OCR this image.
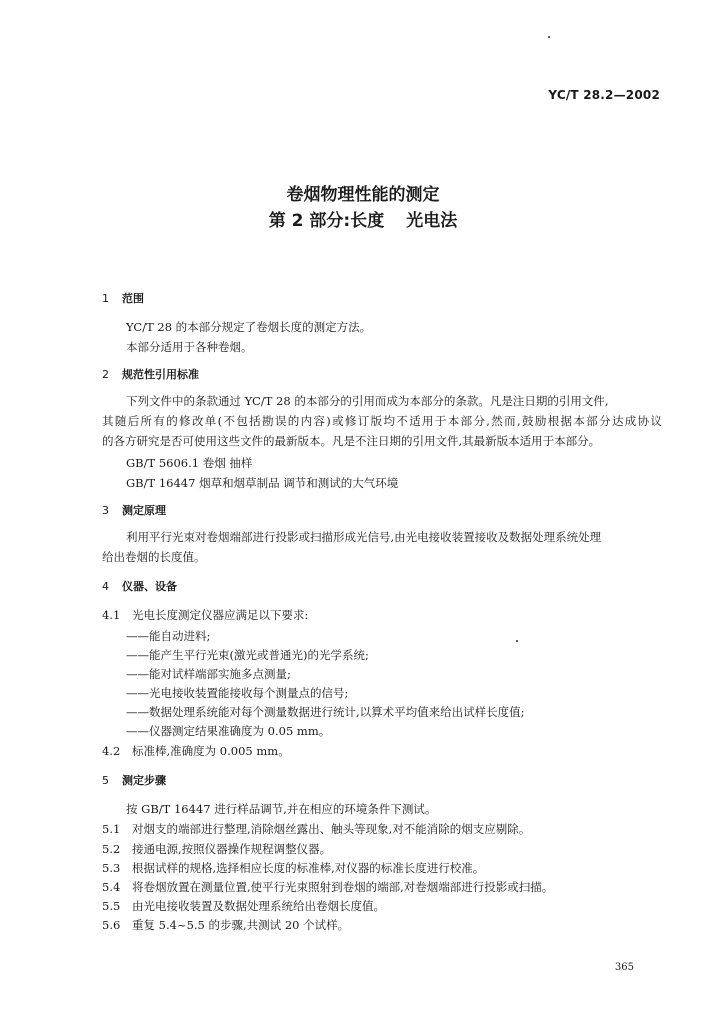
YC/T 28.2—2002
卷烟物理性能的测定
第 2 部分:长度 光电法
1 范围
YC/T 28 的本部分规定了卷烟长度的测定方法。
本部分适用于各种卷烟。
2 规范性引用标准
下列文件中的条款通过 YC/T 28 的本部分的引用而成为本部分的条款。凡是注日期的引用文件,
其随后所有的修改单(不包括勘误的内容)或修订版均不适用于本部分,然而,鼓励根据本部分达成协议
的各方研究是否可使用这些文件的最新版本。凡是不注日期的引用文件,其最新版本适用于本部分。
GB/T 5606.1 卷烟 抽样
GB/T 16447 烟草和烟草制品 调节和测试的大气环境
3 测定原理
利用平行光束对卷烟端部进行投影或扫描形成光信号,由光电接收装置接收及数据处理系统处理
给出卷烟的长度值。
4 仪器、设备
4.1 光电长度测定仪器应满足以下要求:
——能自动进料;
——能产生平行光束(激光或普通光)的光学系统;
——能对试样端部实施多点测量;
——光电接收装置能接收每个测量点的信号;
——数据处理系统能对每个测量数据进行统计,以算术平均值来给出试样长度值;
——仪器测定结果准确度为 0.05 mm。
4.2 标准棒,准确度为 0.005 mm。
5 测定步骤
按 GB/T 16447 进行样品调节,并在相应的环境条件下测试。
5.1 对烟支的端部进行整理,消除烟丝露出、触头等现象,对不能消除的烟支应剔除。
5.2 接通电源,按照仪器操作规程调整仪器。
5.3 根据试样的规格,选择相应长度的标准棒,对仪器的标准长度进行校准。
5.4 将卷烟放置在测量位置,使平行光束照射到卷烟的端部,对卷烟端部进行投影或扫描。
5.5 由光电接收装置及数据处理系统给出卷烟长度值。
5.6 重复 5.4~5.5 的步骤,共测试 20 个试样。
365
